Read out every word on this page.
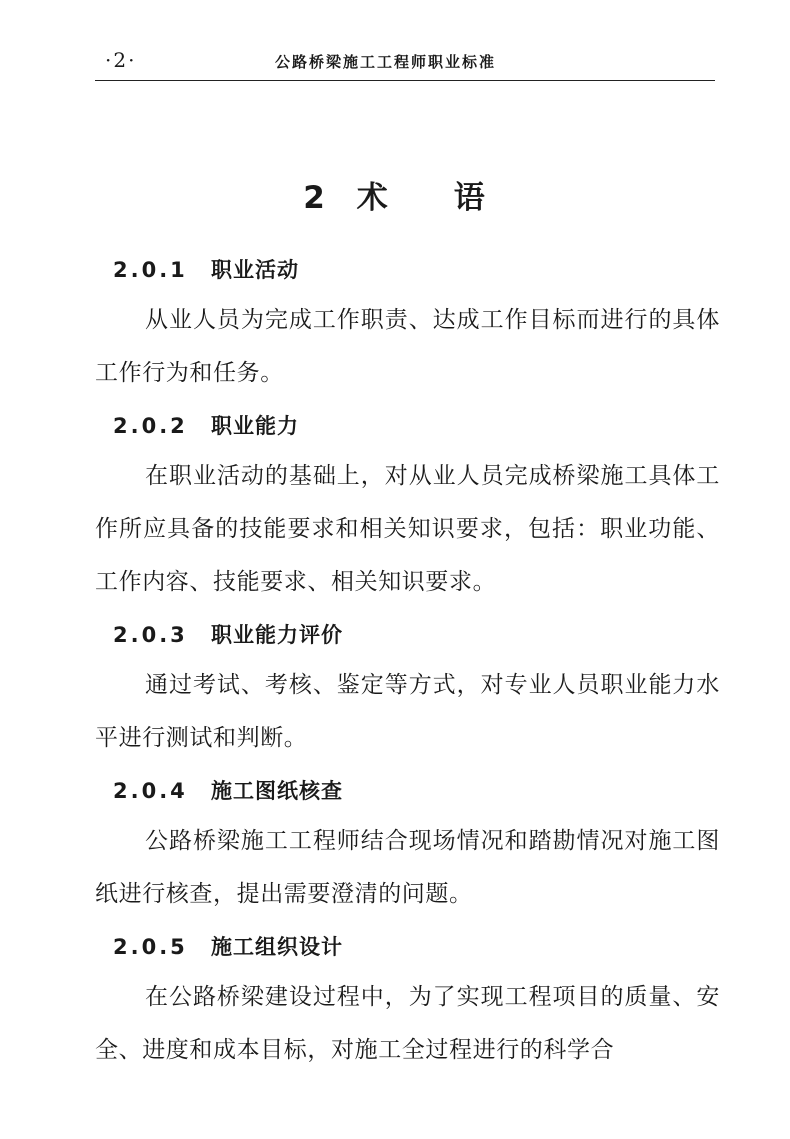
·2·	公路桥梁施工工程师职业标准
2 术 语
2.0.1 职业活动

从业人员为完成工作职责、达成工作目标而进行的具体工作行为和任务。

2.0.2 职业能力

在职业活动的基础上，对从业人员完成桥梁施工具体工作所应具备的技能要求和相关知识要求，包括：职业功能、工作内容、技能要求、相关知识要求。

2.0.3 职业能力评价

通过考试、考核、鉴定等方式，对专业人员职业能力水平进行测试和判断。

2.0.4 施工图纸核查

公路桥梁施工工程师结合现场情况和踏勘情况对施工图纸进行核查，提出需要澄清的问题。

2.0.5 施工组织设计

在公路桥梁建设过程中，为了实现工程项目的质量、安全、进度和成本目标，对施工全过程进行的科学合
